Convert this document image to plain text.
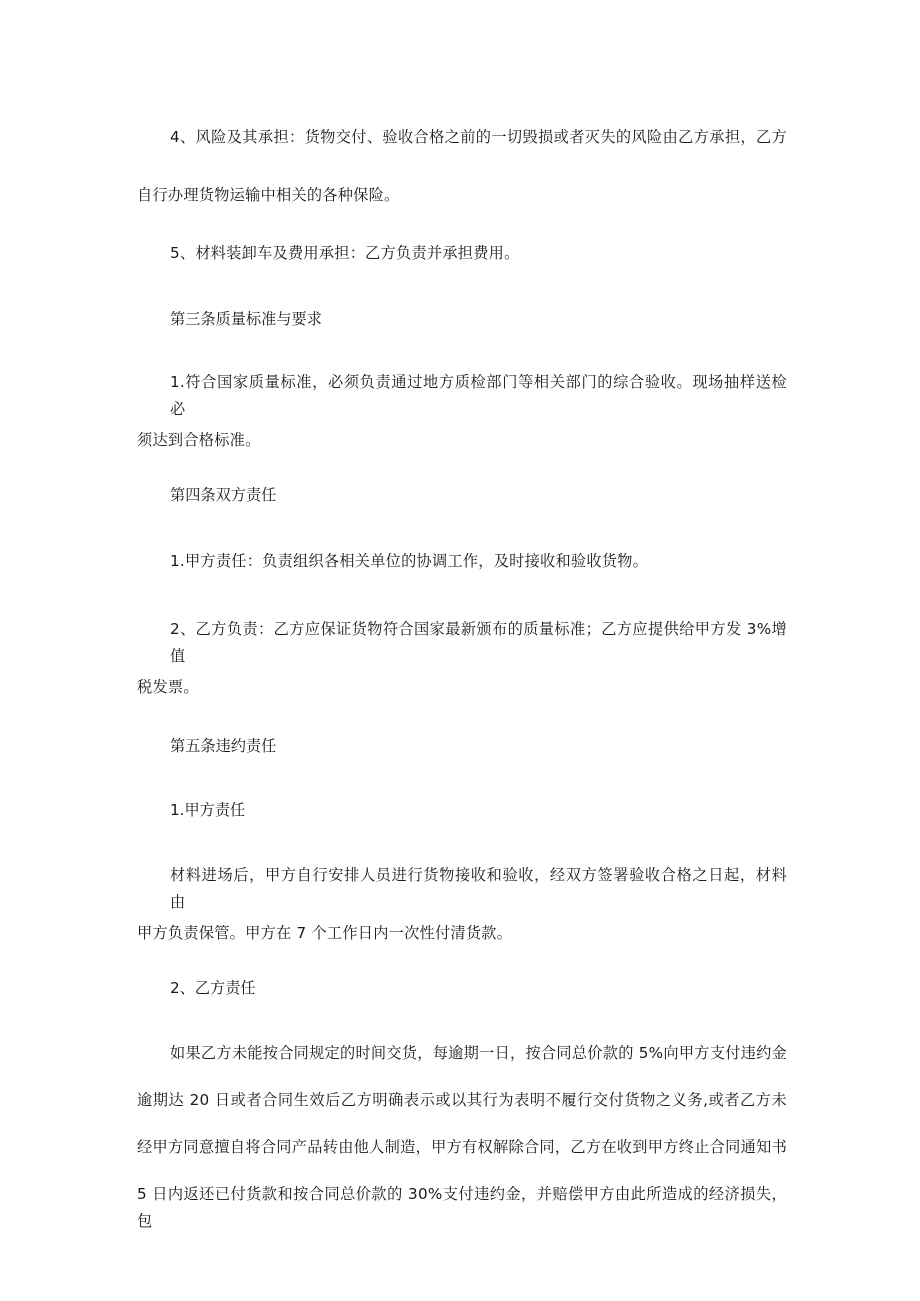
4、风险及其承担：货物交付、验收合格之前的一切毁损或者灭失的风险由乙方承担，乙方
自行办理货物运输中相关的各种保险。
5、材料装卸车及费用承担：乙方负责并承担费用。

第三条质量标准与要求

1.符合国家质量标准，必须负责通过地方质检部门等相关部门的综合验收。现场抽样送检必
须达到合格标准。

第四条双方责任

1.甲方责任：负责组织各相关单位的协调工作，及时接收和验收货物。
2、乙方负责：乙方应保证货物符合国家最新颁布的质量标准；乙方应提供给甲方发 3%增值
税发票。

第五条违约责任

1.甲方责任

材料进场后，甲方自行安排人员进行货物接收和验收，经双方签署验收合格之日起，材料由
甲方负责保管。甲方在 7 个工作日内一次性付清货款。

2、乙方责任

如果乙方未能按合同规定的时间交货，每逾期一日，按合同总价款的 5%向甲方支付违约金
逾期达 20 日或者合同生效后乙方明确表示或以其行为表明不履行交付货物之义务,或者乙方未
经甲方同意擅自将合同产品转由他人制造，甲方有权解除合同，乙方在收到甲方终止合同通知书
5 日内返还已付货款和按合同总价款的 30%支付违约金，并赔偿甲方由此所造成的经济损失，包
